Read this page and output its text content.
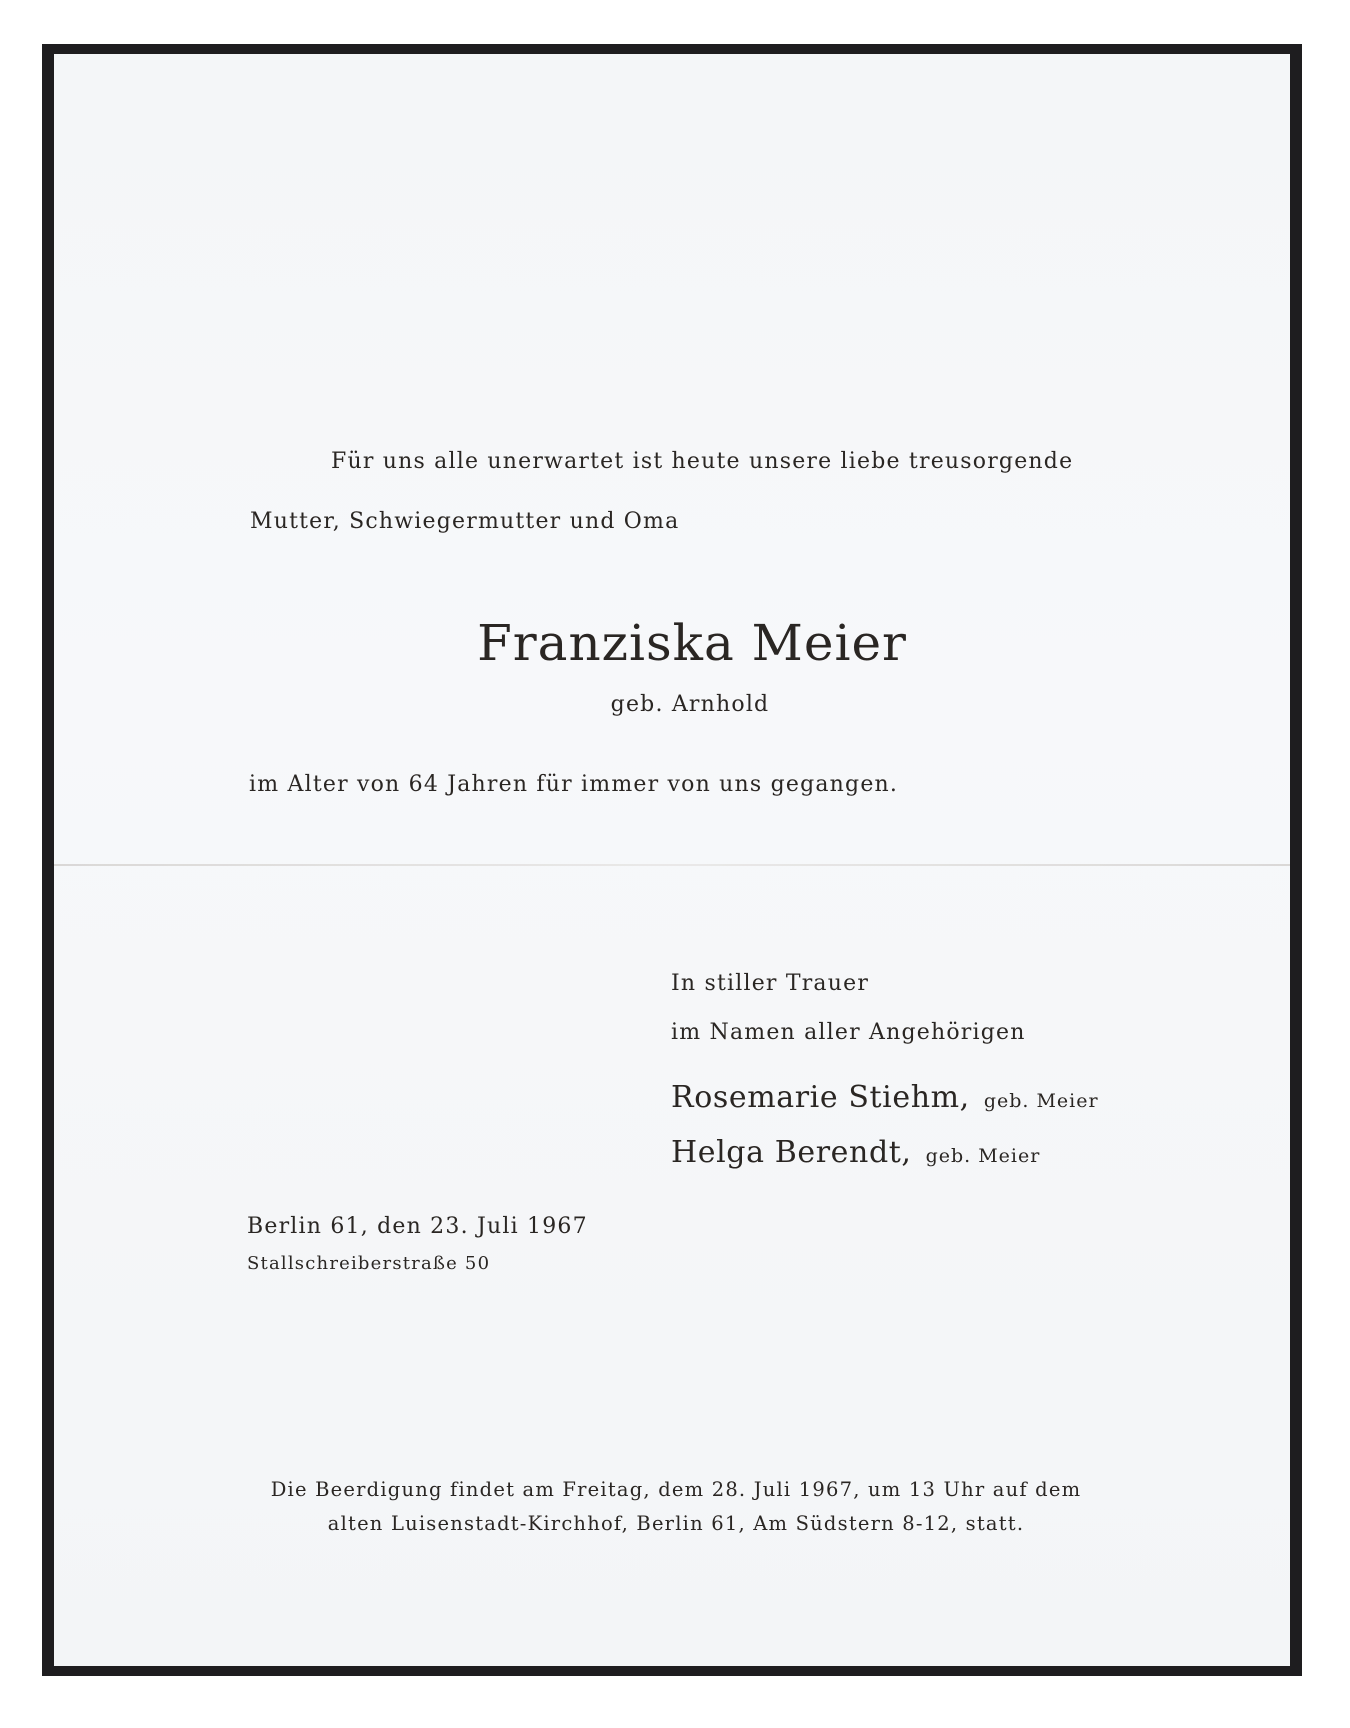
Für uns alle unerwartet ist heute unsere liebe treusorgende
Mutter, Schwiegermutter und Oma
Franziska Meier
geb. Arnhold
im Alter von 64 Jahren für immer von uns gegangen.
In stiller Trauer
im Namen aller Angehörigen
Rosemarie Stiehm, geb. Meier
Helga Berendt, geb. Meier
Berlin 61, den 23. Juli 1967
Stallschreiberstraße 50
Die Beerdigung findet am Freitag, dem 28. Juli 1967, um 13 Uhr auf dem
alten Luisenstadt-Kirchhof, Berlin 61, Am Südstern 8-12, statt.
